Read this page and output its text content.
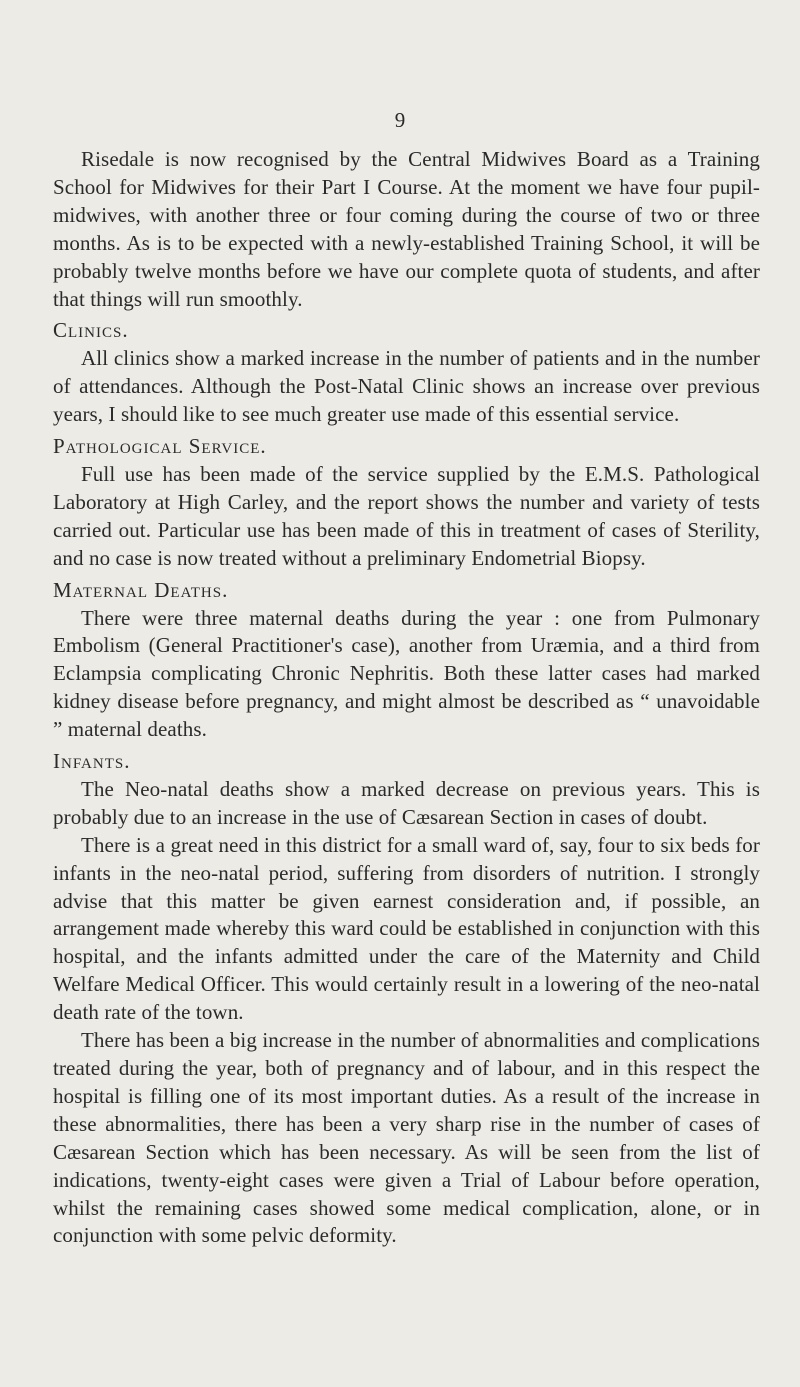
9

Risedale is now recognised by the Central Midwives Board as a Training School for Midwives for their Part I Course. At the moment we have four pupil-midwives, with another three or four coming during the course of two or three months. As is to be expected with a newly-established Training School, it will be probably twelve months before we have our complete quota of students, and after that things will run smoothly.

Clinics.

All clinics show a marked increase in the number of patients and in the number of attendances. Although the Post-Natal Clinic shows an increase over previous years, I should like to see much greater use made of this essential service.

Pathological Service.

Full use has been made of the service supplied by the E.M.S. Pathological Laboratory at High Carley, and the report shows the number and variety of tests carried out. Particular use has been made of this in treatment of cases of Sterility, and no case is now treated without a preliminary Endometrial Biopsy.

Maternal Deaths.

There were three maternal deaths during the year : one from Pulmonary Embolism (General Practitioner's case), another from Uræmia, and a third from Eclampsia complicating Chronic Nephritis. Both these latter cases had marked kidney disease before pregnancy, and might almost be described as “ unavoidable ” maternal deaths.

Infants.

The Neo-natal deaths show a marked decrease on previous years. This is probably due to an increase in the use of Cæsarean Section in cases of doubt.

There is a great need in this district for a small ward of, say, four to six beds for infants in the neo-natal period, suffering from disorders of nutrition. I strongly advise that this matter be given earnest consideration and, if possible, an arrangement made whereby this ward could be established in conjunction with this hospital, and the infants admitted under the care of the Maternity and Child Welfare Medical Officer. This would certainly result in a lowering of the neo-natal death rate of the town.

There has been a big increase in the number of abnormalities and complications treated during the year, both of pregnancy and of labour, and in this respect the hospital is filling one of its most important duties. As a result of the increase in these abnormalities, there has been a very sharp rise in the number of cases of Cæsarean Section which has been necessary. As will be seen from the list of indications, twenty-eight cases were given a Trial of Labour before operation, whilst the remaining cases showed some medical complication, alone, or in conjunction with some pelvic deformity.
